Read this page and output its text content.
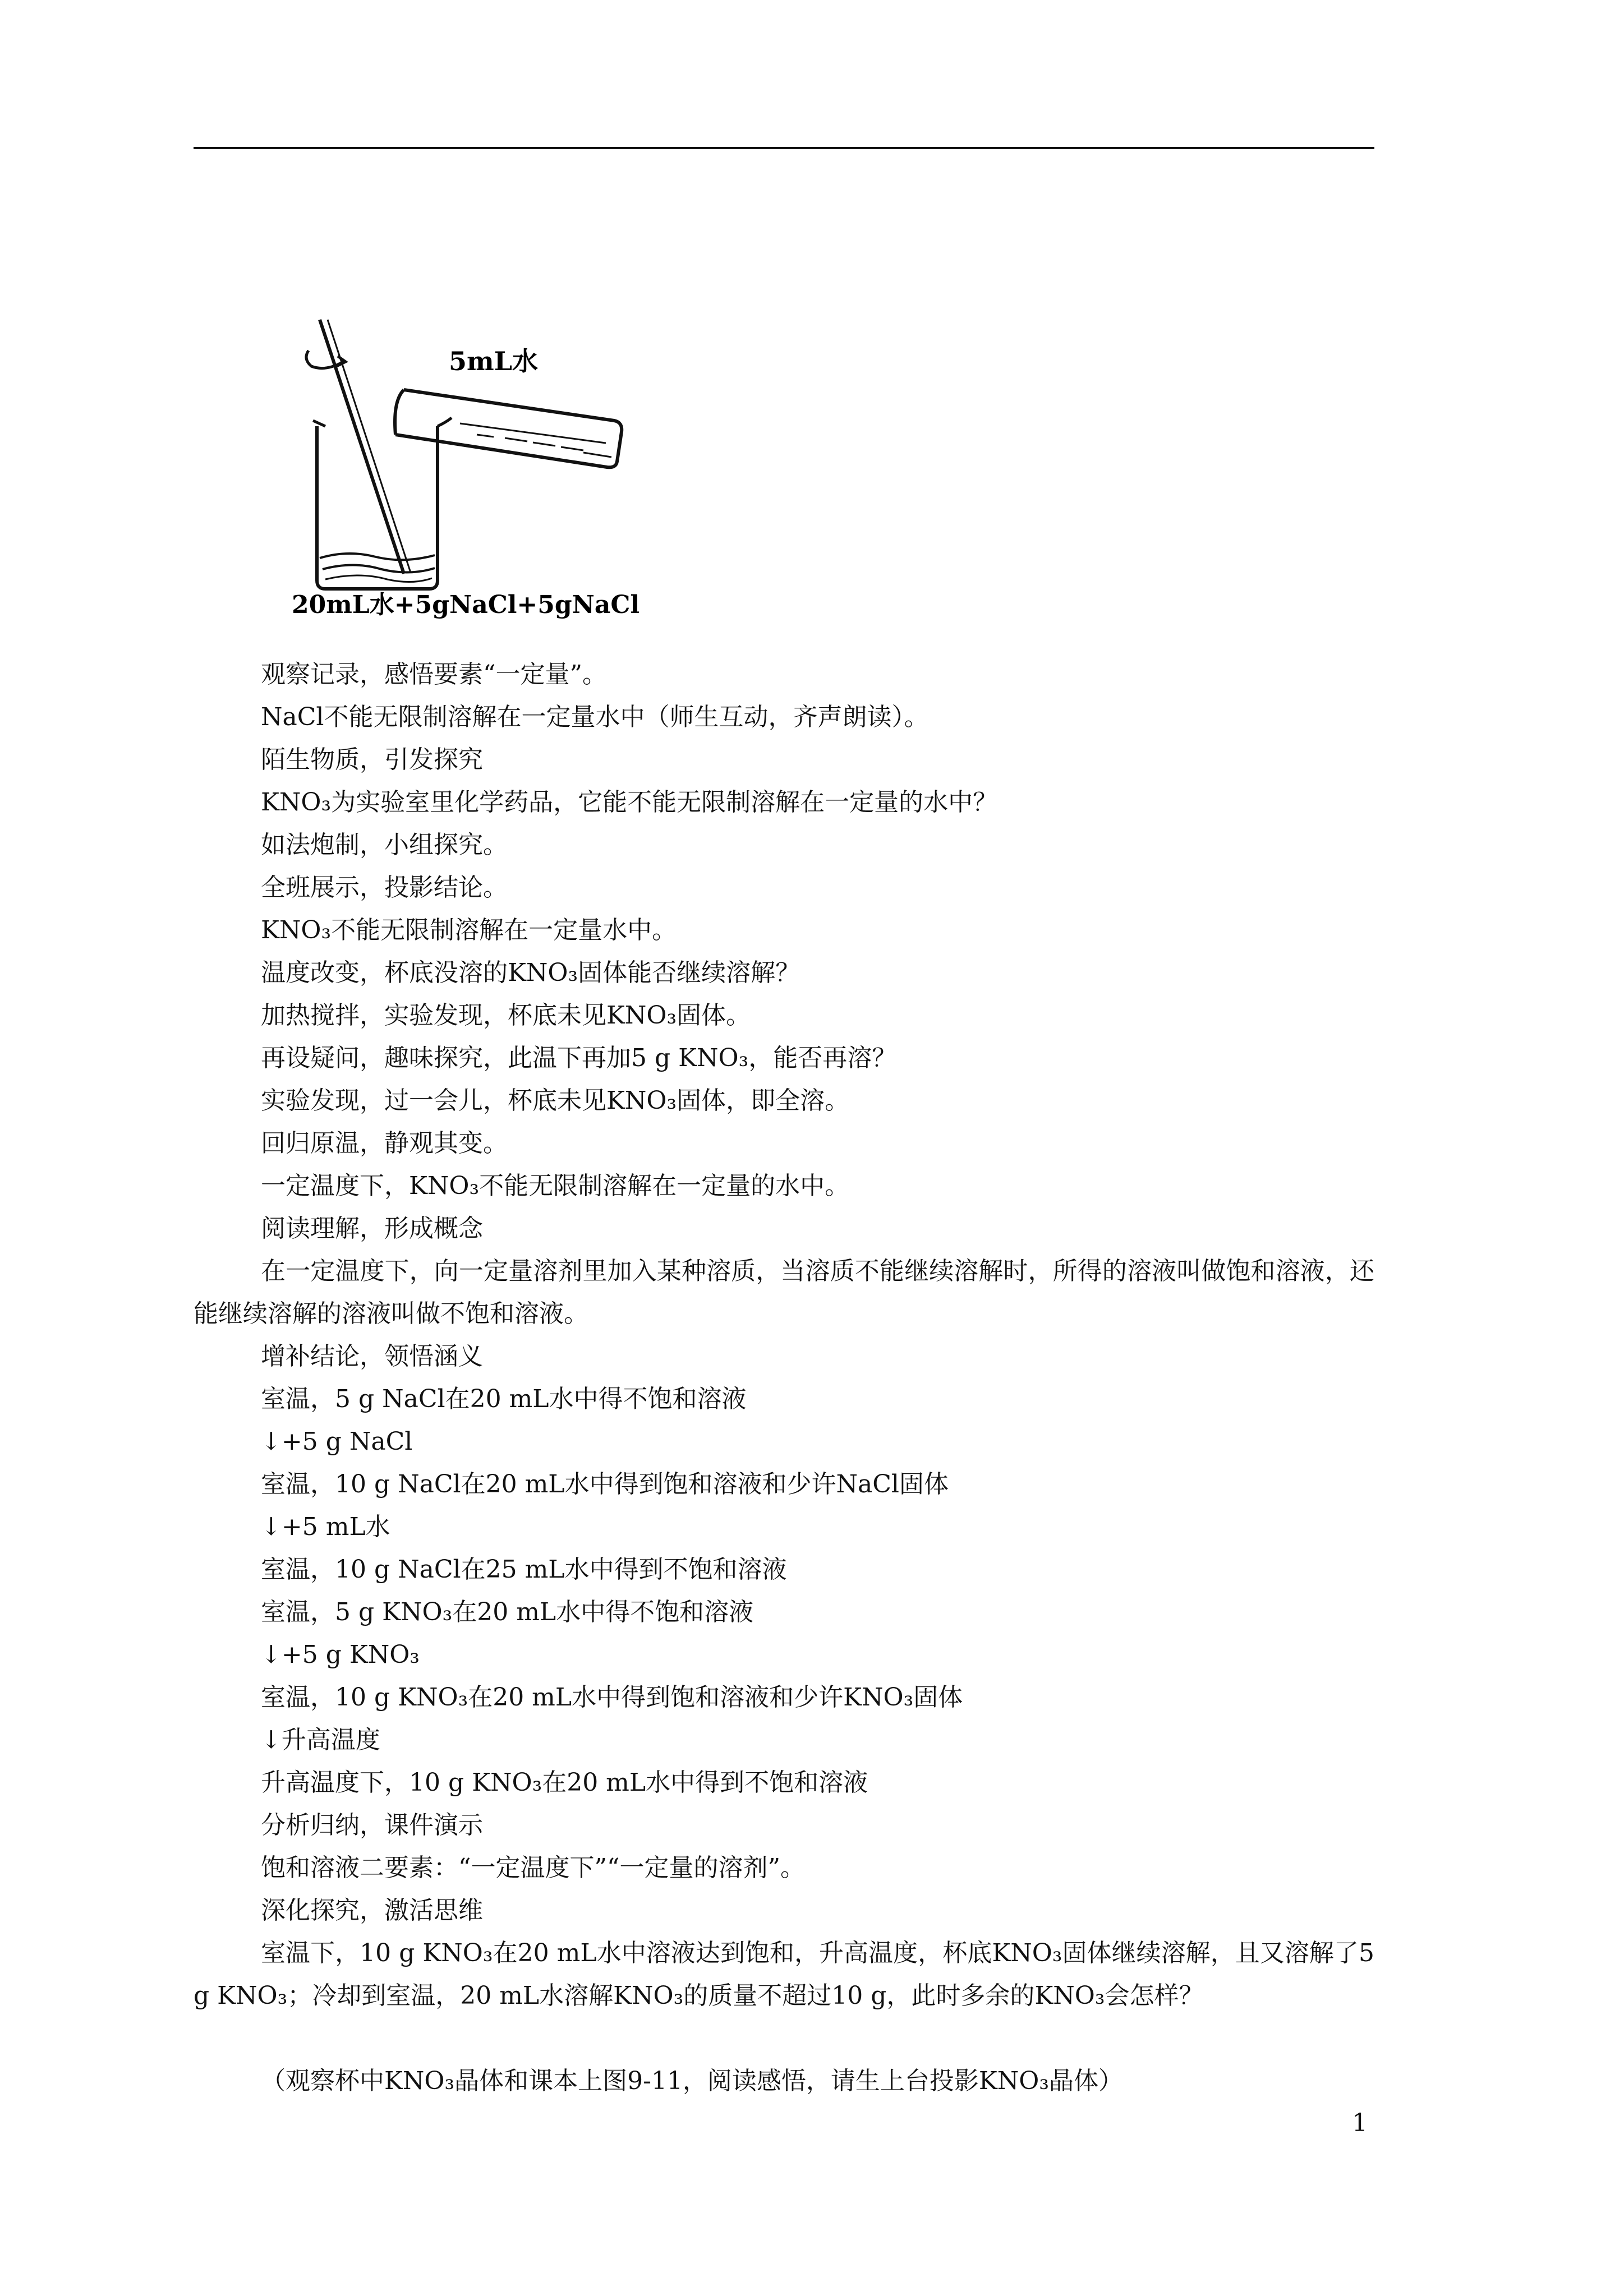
5mL水
20mL水+5gNaCl+5gNaCl
观察记录，感悟要素“一定量”。
NaCl不能无限制溶解在一定量水中（师生互动，齐声朗读）。
陌生物质，引发探究
KNO₃为实验室里化学药品，它能不能无限制溶解在一定量的水中？
如法炮制，小组探究。
全班展示，投影结论。
KNO₃不能无限制溶解在一定量水中。
温度改变，杯底没溶的KNO₃固体能否继续溶解？
加热搅拌，实验发现，杯底未见KNO₃固体。
再设疑问，趣味探究，此温下再加5 g KNO₃，能否再溶？
实验发现，过一会儿，杯底未见KNO₃固体，即全溶。
回归原温，静观其变。
一定温度下，KNO₃不能无限制溶解在一定量的水中。
阅读理解，形成概念
在一定温度下，向一定量溶剂里加入某种溶质，当溶质不能继续溶解时，所得的溶液叫做饱和溶液，还能继续溶解的溶液叫做不饱和溶液。
增补结论，领悟涵义
室温，5 g NaCl在20 mL水中得不饱和溶液
↓+5 g NaCl
室温，10 g NaCl在20 mL水中得到饱和溶液和少许NaCl固体
↓+5 mL水
室温，10 g NaCl在25 mL水中得到不饱和溶液
室温，5 g KNO₃在20 mL水中得不饱和溶液
↓+5 g KNO₃
室温，10 g KNO₃在20 mL水中得到饱和溶液和少许KNO₃固体
↓升高温度
升高温度下，10 g KNO₃在20 mL水中得到不饱和溶液
分析归纳，课件演示
饱和溶液二要素：“一定温度下”“一定量的溶剂”。
深化探究，激活思维
室温下，10 g KNO₃在20 mL水中溶液达到饱和，升高温度，杯底KNO₃固体继续溶解，且又溶解了5 g KNO₃；冷却到室温，20 mL水溶解KNO₃的质量不超过10 g，此时多余的KNO₃会怎样？
（观察杯中KNO₃晶体和课本上图9-11，阅读感悟，请生上台投影KNO₃晶体）
1
